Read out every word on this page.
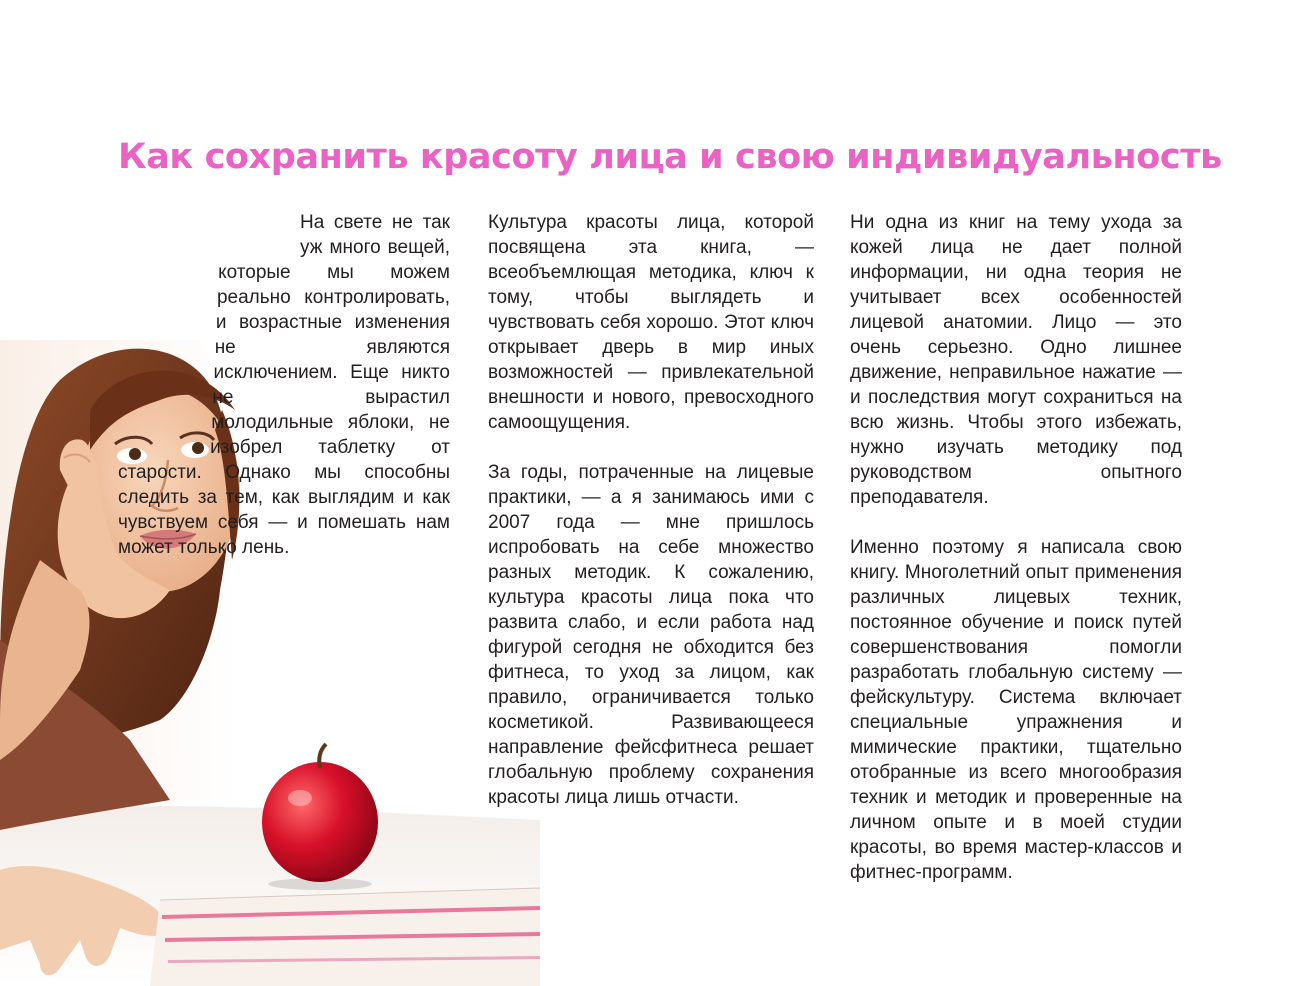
Как сохранить красоту лица и свою индивидуальность

На свете не так уж много вещей, которые мы можем реально контролировать, и возрастные изменения не являются исключением. Еще никто не вырастил молодильные яблоки, не изобрел таблетку от старости. Однако мы способны следить за тем, как выглядим и как чувствуем себя — и помешать нам может только лень.

Культура красоты лица, которой посвящена эта книга, — всеобъемлющая методика, ключ к тому, чтобы выглядеть и чувствовать себя хорошо. Этот ключ открывает дверь в мир иных возможностей — привлекательной внешности и нового, превосходного самоощущения.

За годы, потраченные на лицевые практики, — а я занимаюсь ими с 2007 года — мне пришлось испробовать на себе множество разных методик. К сожалению, культура красоты лица пока что развита слабо, и если работа над фигурой сегодня не обходится без фитнеса, то уход за лицом, как правило, ограничивается только косметикой. Развивающееся направление фейсфитнеса решает глобальную проблему сохранения красоты лица лишь отчасти.

Ни одна из книг на тему ухода за кожей лица не дает полной информации, ни одна теория не учитывает всех особенностей лицевой анатомии. Лицо — это очень серьезно. Одно лишнее движение, неправильное нажатие — и последствия могут сохраниться на всю жизнь. Чтобы этого избежать, нужно изучать методику под руководством опытного преподавателя.

Именно поэтому я написала свою книгу. Многолетний опыт применения различных лицевых техник, постоянное обучение и поиск путей совершенствования помогли разработать глобальную систему — фейскультуру. Система включает специальные упражнения и мимические практики, тщательно отобранные из всего многообразия техник и методик и проверенные на личном опыте и в моей студии красоты, во время мастер-классов и фитнес-программ.
